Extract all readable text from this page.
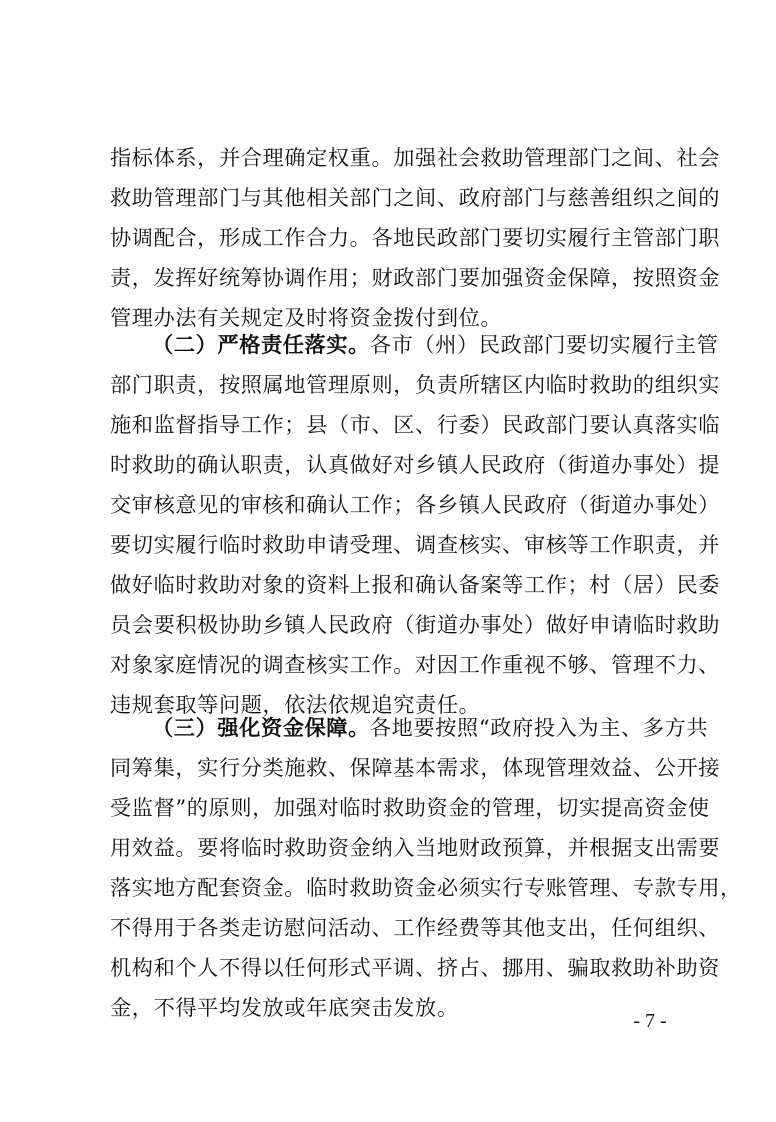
指标体系，并合理确定权重。加强社会救助管理部门之间、社会
救助管理部门与其他相关部门之间、政府部门与慈善组织之间的
协调配合，形成工作合力。各地民政部门要切实履行主管部门职
责，发挥好统筹协调作用；财政部门要加强资金保障，按照资金
管理办法有关规定及时将资金拨付到位。
（二）严格责任落实。各市（州）民政部门要切实履行主管
部门职责，按照属地管理原则，负责所辖区内临时救助的组织实
施和监督指导工作；县（市、区、行委）民政部门要认真落实临
时救助的确认职责，认真做好对乡镇人民政府（街道办事处）提
交审核意见的审核和确认工作；各乡镇人民政府（街道办事处）
要切实履行临时救助申请受理、调查核实、审核等工作职责，并
做好临时救助对象的资料上报和确认备案等工作；村（居）民委
员会要积极协助乡镇人民政府（街道办事处）做好申请临时救助
对象家庭情况的调查核实工作。对因工作重视不够、管理不力、
违规套取等问题，依法依规追究责任。
（三）强化资金保障。各地要按照“政府投入为主、多方共
同筹集，实行分类施救、保障基本需求，体现管理效益、公开接
受监督”的原则，加强对临时救助资金的管理，切实提高资金使
用效益。要将临时救助资金纳入当地财政预算，并根据支出需要
落实地方配套资金。临时救助资金必须实行专账管理、专款专用，
不得用于各类走访慰问活动、工作经费等其他支出，任何组织、
机构和个人不得以任何形式平调、挤占、挪用、骗取救助补助资
金，不得平均发放或年底突击发放。
- 7 -
